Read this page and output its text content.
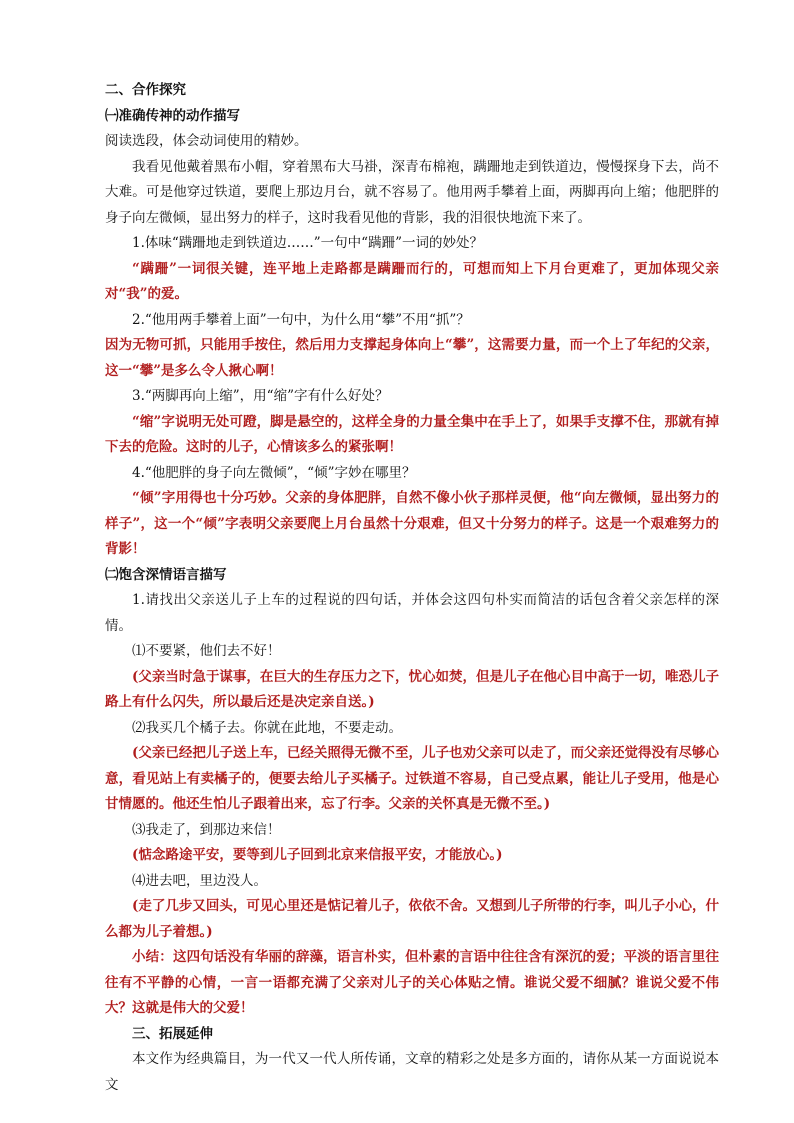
二、合作探究

㈠准确传神的动作描写

阅读选段，体会动词使用的精妙。

我看见他戴着黑布小帽，穿着黑布大马褂，深青布棉袍，蹒跚地走到铁道边，慢慢探身下去，尚不大难。可是他穿过铁道，要爬上那边月台，就不容易了。他用两手攀着上面，两脚再向上缩；他肥胖的身子向左微倾，显出努力的样子，这时我看见他的背影，我的泪很快地流下来了。

1.体味“蹒跚地走到铁道边……”一句中“蹒跚”一词的妙处？

“蹒跚”一词很关键，连平地上走路都是蹒跚而行的，可想而知上下月台更难了，更加体现父亲对“我”的爱。

2.“他用两手攀着上面”一句中，为什么用“攀”不用“抓”？

因为无物可抓，只能用手按住，然后用力支撑起身体向上“攀”，这需要力量，而一个上了年纪的父亲，这一“攀”是多么令人揪心啊！

3.“两脚再向上缩”，用“缩”字有什么好处？

“缩”字说明无处可蹬，脚是悬空的，这样全身的力量全集中在手上了，如果手支撑不住，那就有掉下去的危险。这时的儿子，心情该多么的紧张啊！

4.“他肥胖的身子向左微倾”，“倾”字妙在哪里？

“倾”字用得也十分巧妙。父亲的身体肥胖，自然不像小伙子那样灵便，他“向左微倾，显出努力的样子”，这一个“倾”字表明父亲要爬上月台虽然十分艰难，但又十分努力的样子。这是一个艰难努力的背影！

㈡饱含深情语言描写

1.请找出父亲送儿子上车的过程说的四句话，并体会这四句朴实而简洁的话包含着父亲怎样的深情。

⑴不要紧，他们去不好！

(父亲当时急于谋事，在巨大的生存压力之下，忧心如焚，但是儿子在他心目中高于一切，唯恐儿子路上有什么闪失，所以最后还是决定亲自送。)

⑵我买几个橘子去。你就在此地，不要走动。

(父亲已经把儿子送上车，已经关照得无微不至，儿子也劝父亲可以走了，而父亲还觉得没有尽够心意，看见站上有卖橘子的，便要去给儿子买橘子。过铁道不容易，自己受点累，能让儿子受用，他是心甘情愿的。他还生怕儿子跟着出来，忘了行李。父亲的关怀真是无微不至。)

⑶我走了，到那边来信！

(惦念路途平安，要等到儿子回到北京来信报平安，才能放心。)

⑷进去吧，里边没人。

(走了几步又回头，可见心里还是惦记着儿子，依依不舍。又想到儿子所带的行李，叫儿子小心，什么都为儿子着想。)

小结：这四句话没有华丽的辞藻，语言朴实，但朴素的言语中往往含有深沉的爱；平淡的语言里往往有不平静的心情，一言一语都充满了父亲对儿子的关心体贴之情。谁说父爱不细腻？谁说父爱不伟大？这就是伟大的父爱！

三、拓展延伸

本文作为经典篇目，为一代又一代人所传诵，文章的精彩之处是多方面的，请你从某一方面说说本文
